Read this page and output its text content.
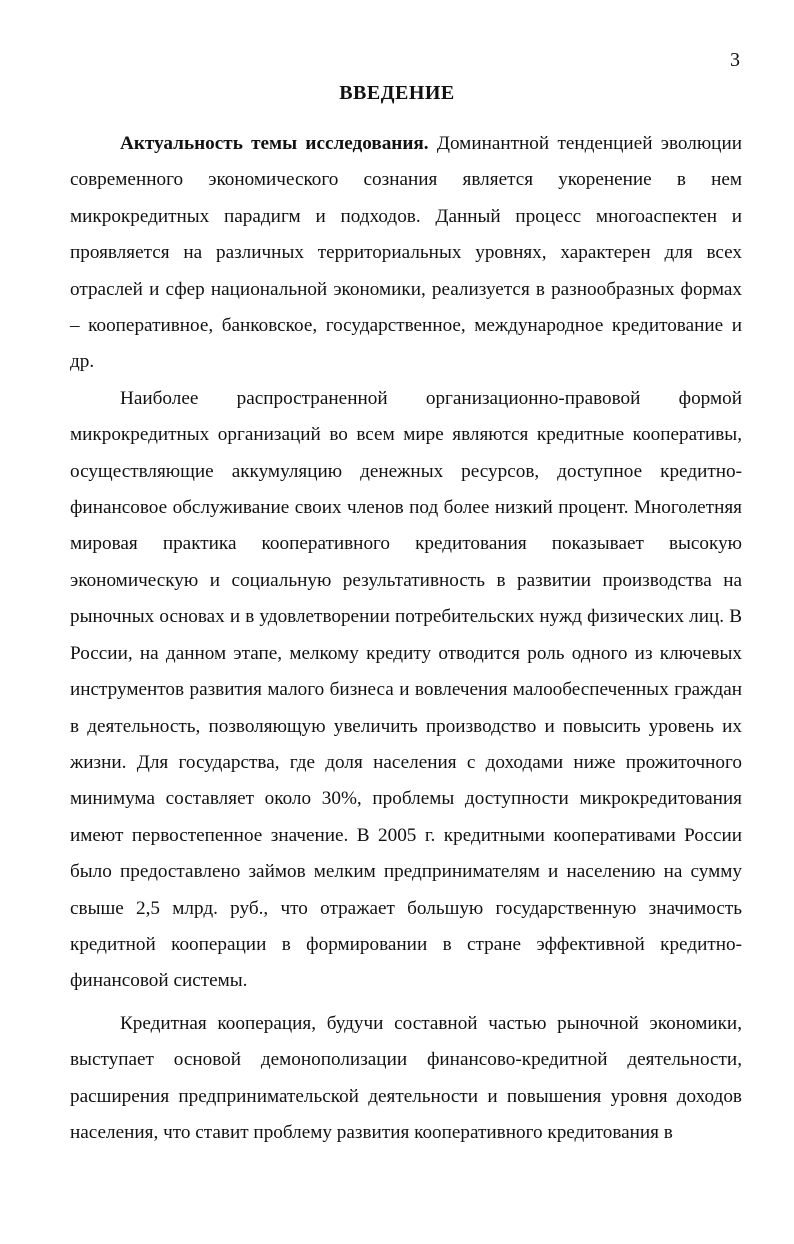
3
ВВЕДЕНИЕ

Актуальность темы исследования. Доминантной тенденцией эволюции современного экономического сознания является укоренение в нем микрокредитных парадигм и подходов. Данный процесс многоаспектен и проявляется на различных территориальных уровнях, характерен для всех отраслей и сфер национальной экономики, реализуется в разнообразных формах – кооперативное, банковское, государственное, международное кредитование и др.

Наиболее распространенной организационно-правовой формой микрокредитных организаций во всем мире являются кредитные кооперативы, осуществляющие аккумуляцию денежных ресурсов, доступное кредитно-финансовое обслуживание своих членов под более низкий процент. Многолетняя мировая практика кооперативного кредитования показывает высокую экономическую и социальную результативность в развитии производства на рыночных основах и в удовлетворении потребительских нужд физических лиц. В России, на данном этапе, мелкому кредиту отводится роль одного из ключевых инструментов развития малого бизнеса и вовлечения малообеспеченных граждан в деятельность, позволяющую увеличить производство и повысить уровень их жизни. Для государства, где доля населения с доходами ниже прожиточного минимума составляет около 30%, проблемы доступности микрокредитования имеют первостепенное значение. В 2005 г. кредитными кооперативами России было предоставлено займов мелким предпринимателям и населению на сумму свыше 2,5 млрд. руб., что отражает большую государственную значимость кредитной кооперации в формировании в стране эффективной кредитно-финансовой системы.

Кредитная кооперация, будучи составной частью рыночной экономики, выступает основой демонополизации финансово-кредитной деятельности, расширения предпринимательской деятельности и повышения уровня доходов населения, что ставит проблему развития кооперативного кредитования в
